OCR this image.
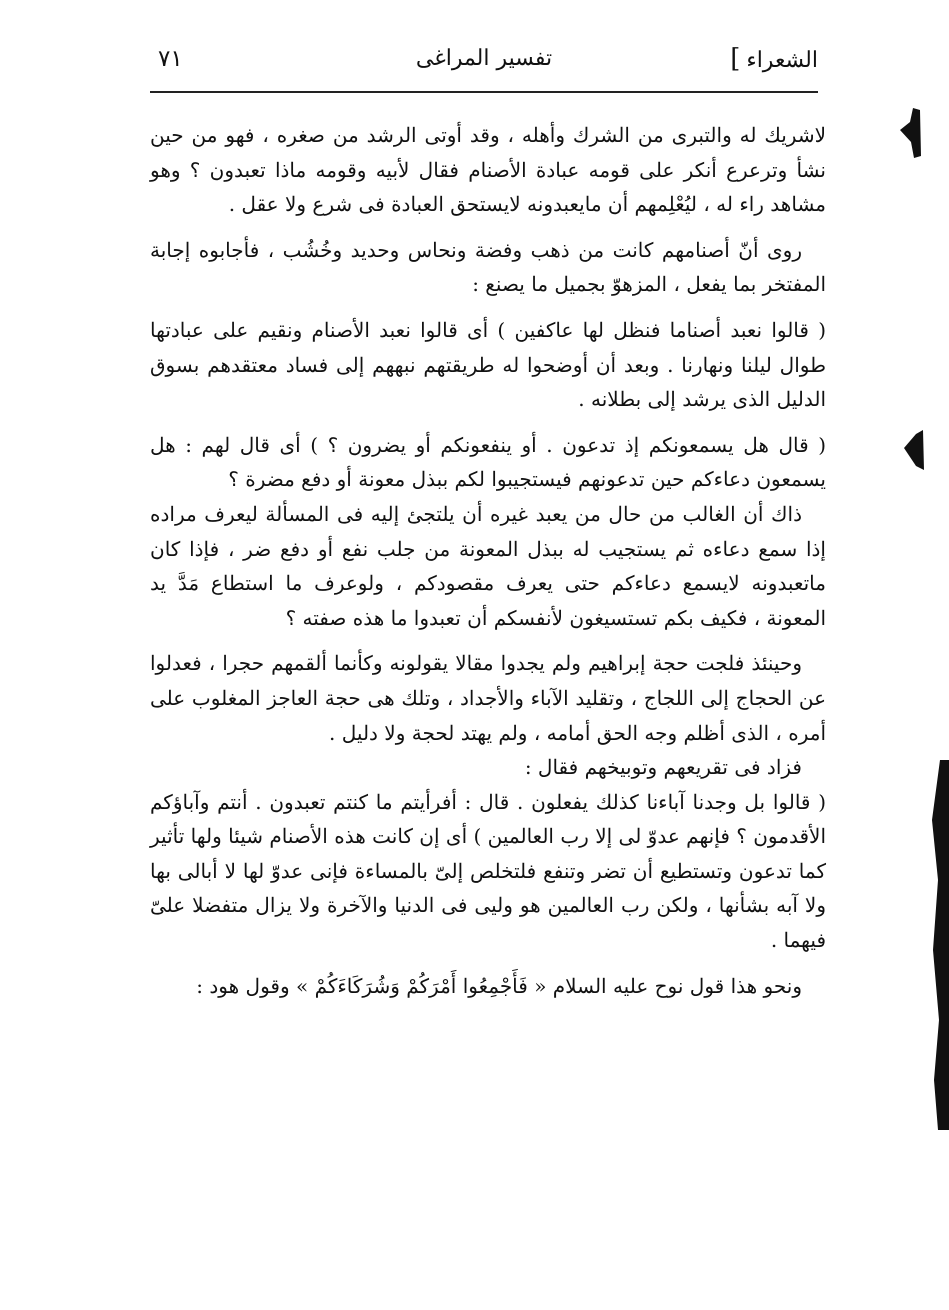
الشعراء]
تفسير المراغى
٧١

لاشريك له والتبرى من الشرك وأهله ، وقد أوتى الرشد من صغره ، فهو من حين نشأ وترعرع أنكر على قومه عبادة الأصنام فقال لأبيه وقومه ماذا تعبدون ؟ وهو مشاهد راء له ، ليُعْلِمهم أن مايعبدونه لايستحق العبادة فى شرع ولا عقل .

روى أنّ أصنامهم كانت من ذهب وفضة ونحاس وحديد وخُشُب ، فأجابوه إجابة المفتخر بما يفعل ، المزهوّ بجميل ما يصنع :

( قالوا نعبد أصناما فنظل لها عاكفين ) أى قالوا نعبد الأصنام ونقيم على عبادتها طوال ليلنا ونهارنا . وبعد أن أوضحوا له طريقتهم نبههم إلى فساد معتقدهم بسوق الدليل الذى يرشد إلى بطلانه .

( قال هل يسمعونكم إذ تدعون . أو ينفعونكم أو يضرون ؟ ) أى قال لهم : هل يسمعون دعاءكم حين تدعونهم فيستجيبوا لكم ببذل معونة أو دفع مضرة ؟

ذاك أن الغالب من حال من يعبد غيره أن يلتجئ إليه فى المسألة ليعرف مراده إذا سمع دعاءه ثم يستجيب له ببذل المعونة من جلب نفع أو دفع ضر ، فإذا كان ماتعبدونه لايسمع دعاءكم حتى يعرف مقصودكم ، ولوعرف ما استطاع مَدَّ يد المعونة ، فكيف بكم تستسيغون لأنفسكم أن تعبدوا ما هذه صفته ؟

وحينئذ فلجت حجة إبراهيم ولم يجدوا مقالا يقولونه وكأنما ألقمهم حجرا ، فعدلوا عن الحجاج إلى اللجاج ، وتقليد الآباء والأجداد ، وتلك هى حجة العاجز المغلوب على أمره ، الذى أظلم وجه الحق أمامه ، ولم يهتد لحجة ولا دليل .

فزاد فى تقريعهم وتوبيخهم فقال :

( قالوا بل وجدنا آباءنا كذلك يفعلون . قال : أفرأيتم ما كنتم تعبدون . أنتم وآباؤكم الأقدمون ؟ فإنهم عدوّ لى إلا رب العالمين ) أى إن كانت هذه الأصنام شيئا ولها تأثير كما تدعون وتستطيع أن تضر وتنفع فلتخلص إلىّ بالمساءة فإنى عدوّ لها لا أبالى بها ولا آبه بشأنها ، ولكن رب العالمين هو وليى فى الدنيا والآخرة ولا يزال متفضلا علىّ فيهما .

ونحو هذا قول نوح عليه السلام « فَأَجْمِعُوا أَمْرَكُمْ وَشُرَكَاءَكُمْ » وقول هود :
